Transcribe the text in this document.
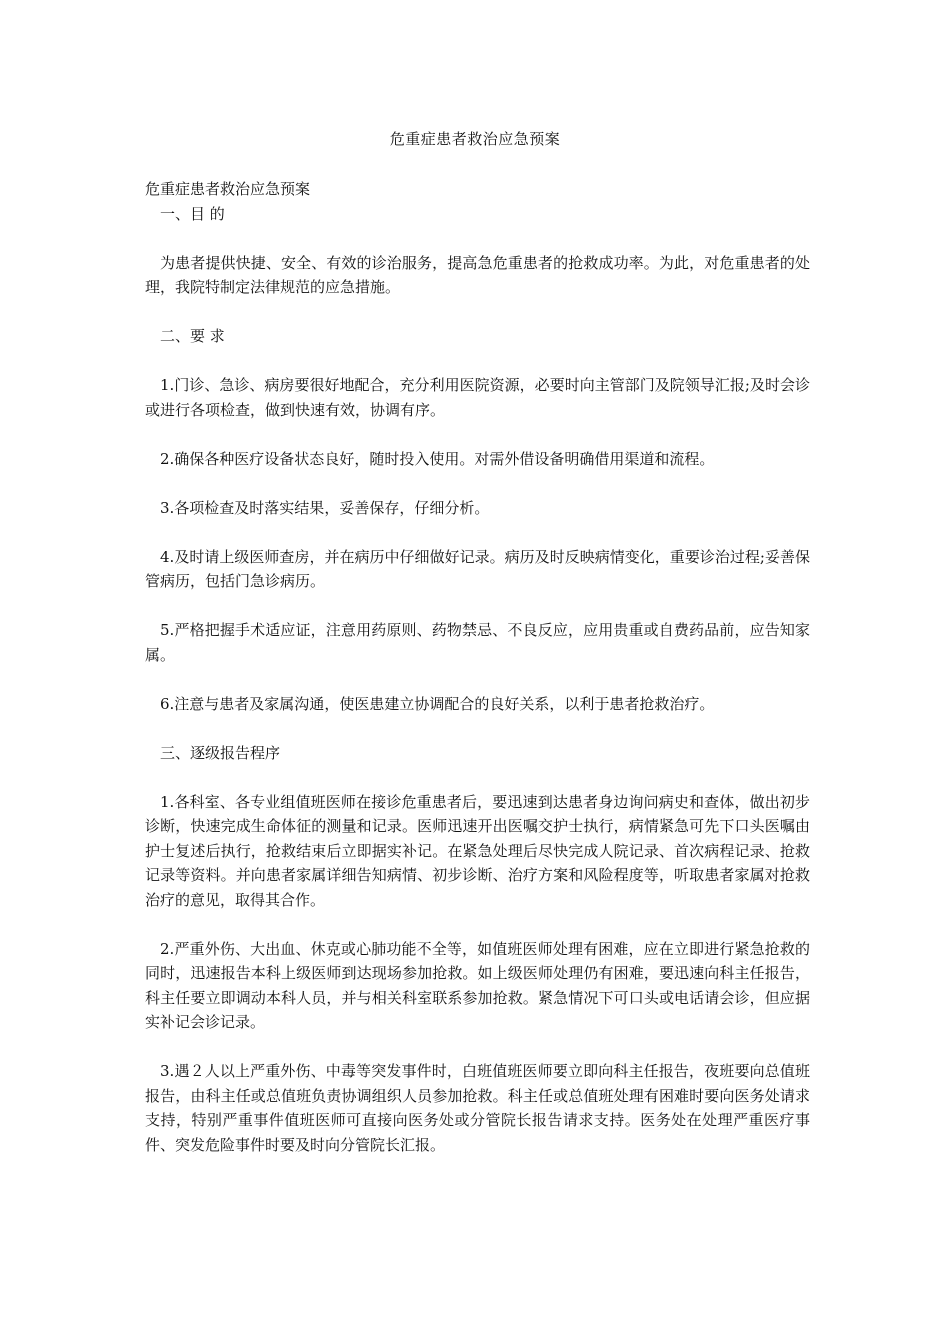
危重症患者救治应急预案

危重症患者救治应急预案

一、目 的

为患者提供快捷、安全、有效的诊治服务，提高急危重患者的抢救成功率。为此，对危重患者的处理，我院特制定法律规范的应急措施。

二、要 求

1.门诊、急诊、病房要很好地配合，充分利用医院资源，必要时向主管部门及院领导汇报;及时会诊或进行各项检查，做到快速有效，协调有序。

2.确保各种医疗设备状态良好，随时投入使用。对需外借设备明确借用渠道和流程。

3.各项检查及时落实结果，妥善保存，仔细分析。

4.及时请上级医师查房，并在病历中仔细做好记录。病历及时反映病情变化，重要诊治过程;妥善保管病历，包括门急诊病历。

5.严格把握手术适应证，注意用药原则、药物禁忌、不良反应，应用贵重或自费药品前，应告知家属。

6.注意与患者及家属沟通，使医患建立协调配合的良好关系，以利于患者抢救治疗。

三、逐级报告程序

1.各科室、各专业组值班医师在接诊危重患者后，要迅速到达患者身边询问病史和查体，做出初步诊断，快速完成生命体征的测量和记录。医师迅速开出医嘱交护士执行，病情紧急可先下口头医嘱由护士复述后执行，抢救结束后立即据实补记。在紧急处理后尽快完成人院记录、首次病程记录、抢救记录等资料。并向患者家属详细告知病情、初步诊断、治疗方案和风险程度等，听取患者家属对抢救治疗的意见，取得其合作。

2.严重外伤、大出血、休克或心肺功能不全等，如值班医师处理有困难，应在立即进行紧急抢救的同时，迅速报告本科上级医师到达现场参加抢救。如上级医师处理仍有困难，要迅速向科主任报告，科主任要立即调动本科人员，并与相关科室联系参加抢救。紧急情况下可口头或电话请会诊，但应据实补记会诊记录。

3.遇２人以上严重外伤、中毒等突发事件时，白班值班医师要立即向科主任报告，夜班要向总值班报告，由科主任或总值班负责协调组织人员参加抢救。科主任或总值班处理有困难时要向医务处请求支持，特别严重事件值班医师可直接向医务处或分管院长报告请求支持。医务处在处理严重医疗事件、突发危险事件时要及时向分管院长汇报。
